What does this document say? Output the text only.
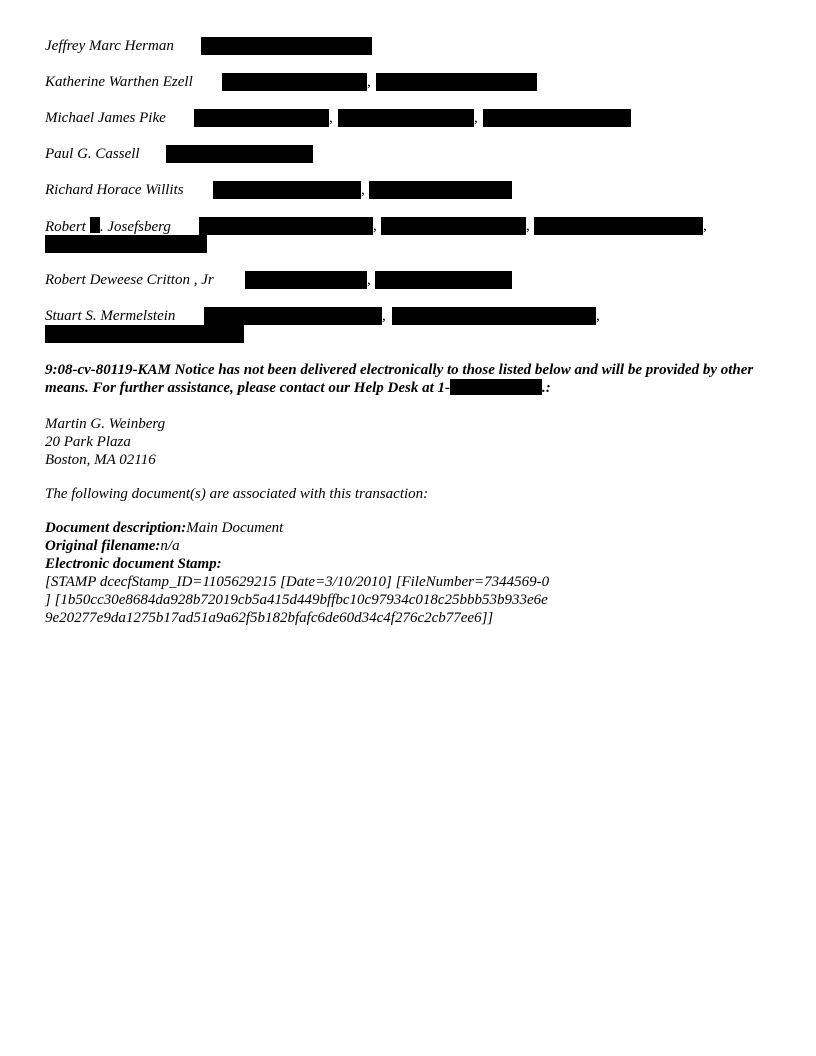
Jeffrey Marc Herman
Katherine Warthen Ezell	,
Michael James Pike	,	,
Paul G. Cassell
Richard Horace Willits	,
Robert . Josefsberg	,	,	,
Robert Deweese Critton , Jr	,
Stuart S. Mermelstein	,	,
9:08-cv-80119-KAM Notice has not been delivered electronically to those listed below and will be provided by other means. For further assistance, please contact our Help Desk at 1-	.:
Martin G. Weinberg
20 Park Plaza
Boston, MA 02116
The following document(s) are associated with this transaction:
Document description:Main Document
Original filename:n/a
Electronic document Stamp:
[STAMP dcecfStamp_ID=1105629215 [Date=3/10/2010] [FileNumber=7344569-0
] [1b50cc30e8684da928b72019cb5a415d449bffbc10c97934c018c25bbb53b933e6e
9e20277e9da1275b17ad51a9a62f5b182bfafc6de60d34c4f276c2cb77ee6]]
